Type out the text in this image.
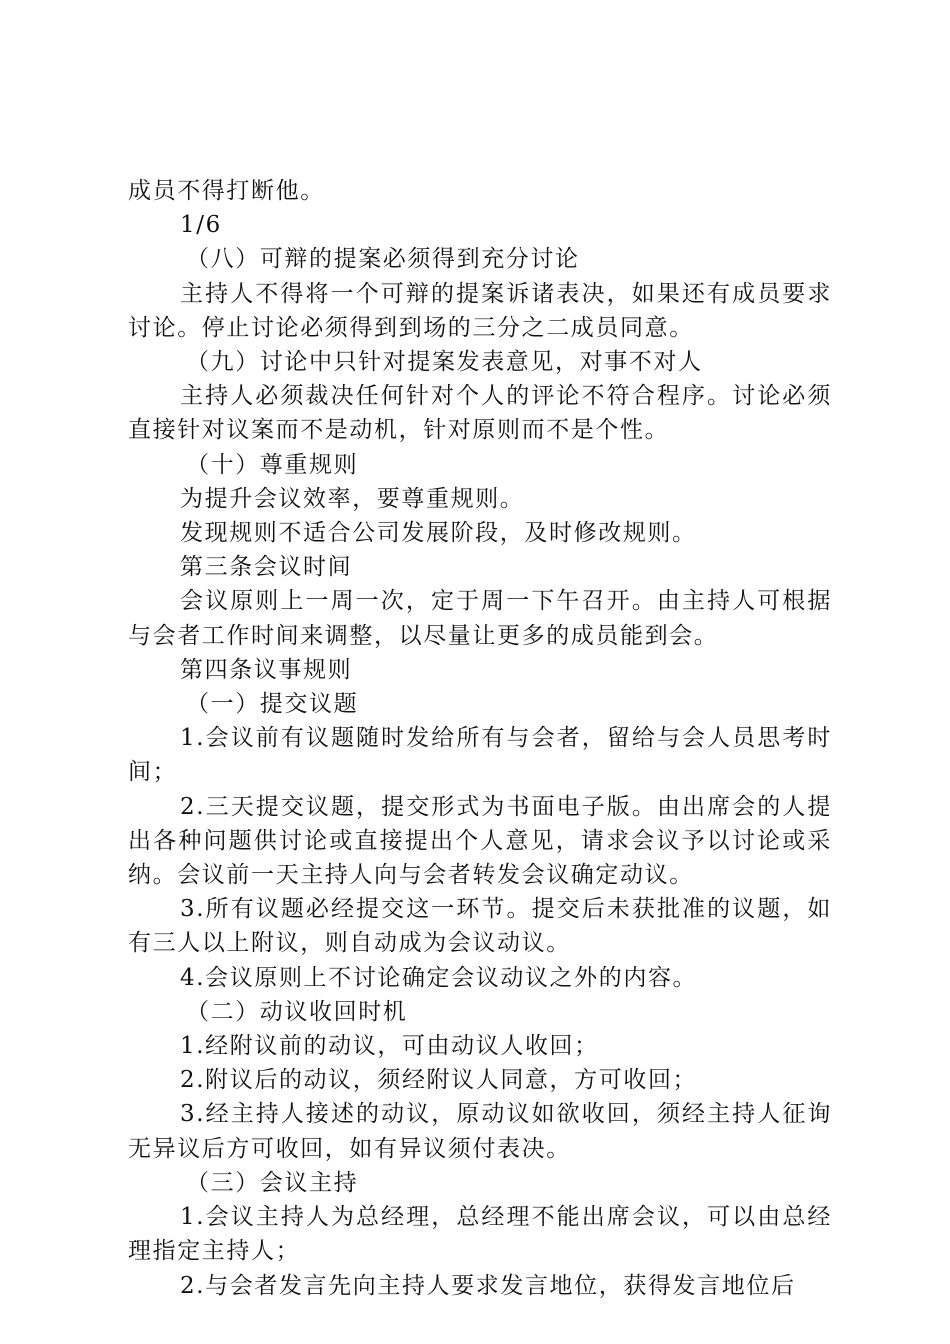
成员不得打断他。

1/6

（八）可辩的提案必须得到充分讨论

主持人不得将一个可辩的提案诉诸表决，如果还有成员要求讨论。停止讨论必须得到到场的三分之二成员同意。

（九）讨论中只针对提案发表意见，对事不对人

主持人必须裁决任何针对个人的评论不符合程序。讨论必须直接针对议案而不是动机，针对原则而不是个性。

（十）尊重规则

为提升会议效率，要尊重规则。

发现规则不适合公司发展阶段，及时修改规则。

第三条会议时间

会议原则上一周一次，定于周一下午召开。由主持人可根据与会者工作时间来调整，以尽量让更多的成员能到会。

第四条议事规则

（一）提交议题

1.会议前有议题随时发给所有与会者，留给与会人员思考时间；

2.三天提交议题，提交形式为书面电子版。由出席会的人提出各种问题供讨论或直接提出个人意见，请求会议予以讨论或采纳。会议前一天主持人向与会者转发会议确定动议。

3.所有议题必经提交这一环节。提交后未获批准的议题，如有三人以上附议，则自动成为会议动议。

4.会议原则上不讨论确定会议动议之外的内容。

（二）动议收回时机

1.经附议前的动议，可由动议人收回；

2.附议后的动议，须经附议人同意，方可收回；

3.经主持人接述的动议，原动议如欲收回，须经主持人征询无异议后方可收回，如有异议须付表决。

（三）会议主持

1.会议主持人为总经理，总经理不能出席会议，可以由总经理指定主持人；

2.与会者发言先向主持人要求发言地位，获得发言地位后
